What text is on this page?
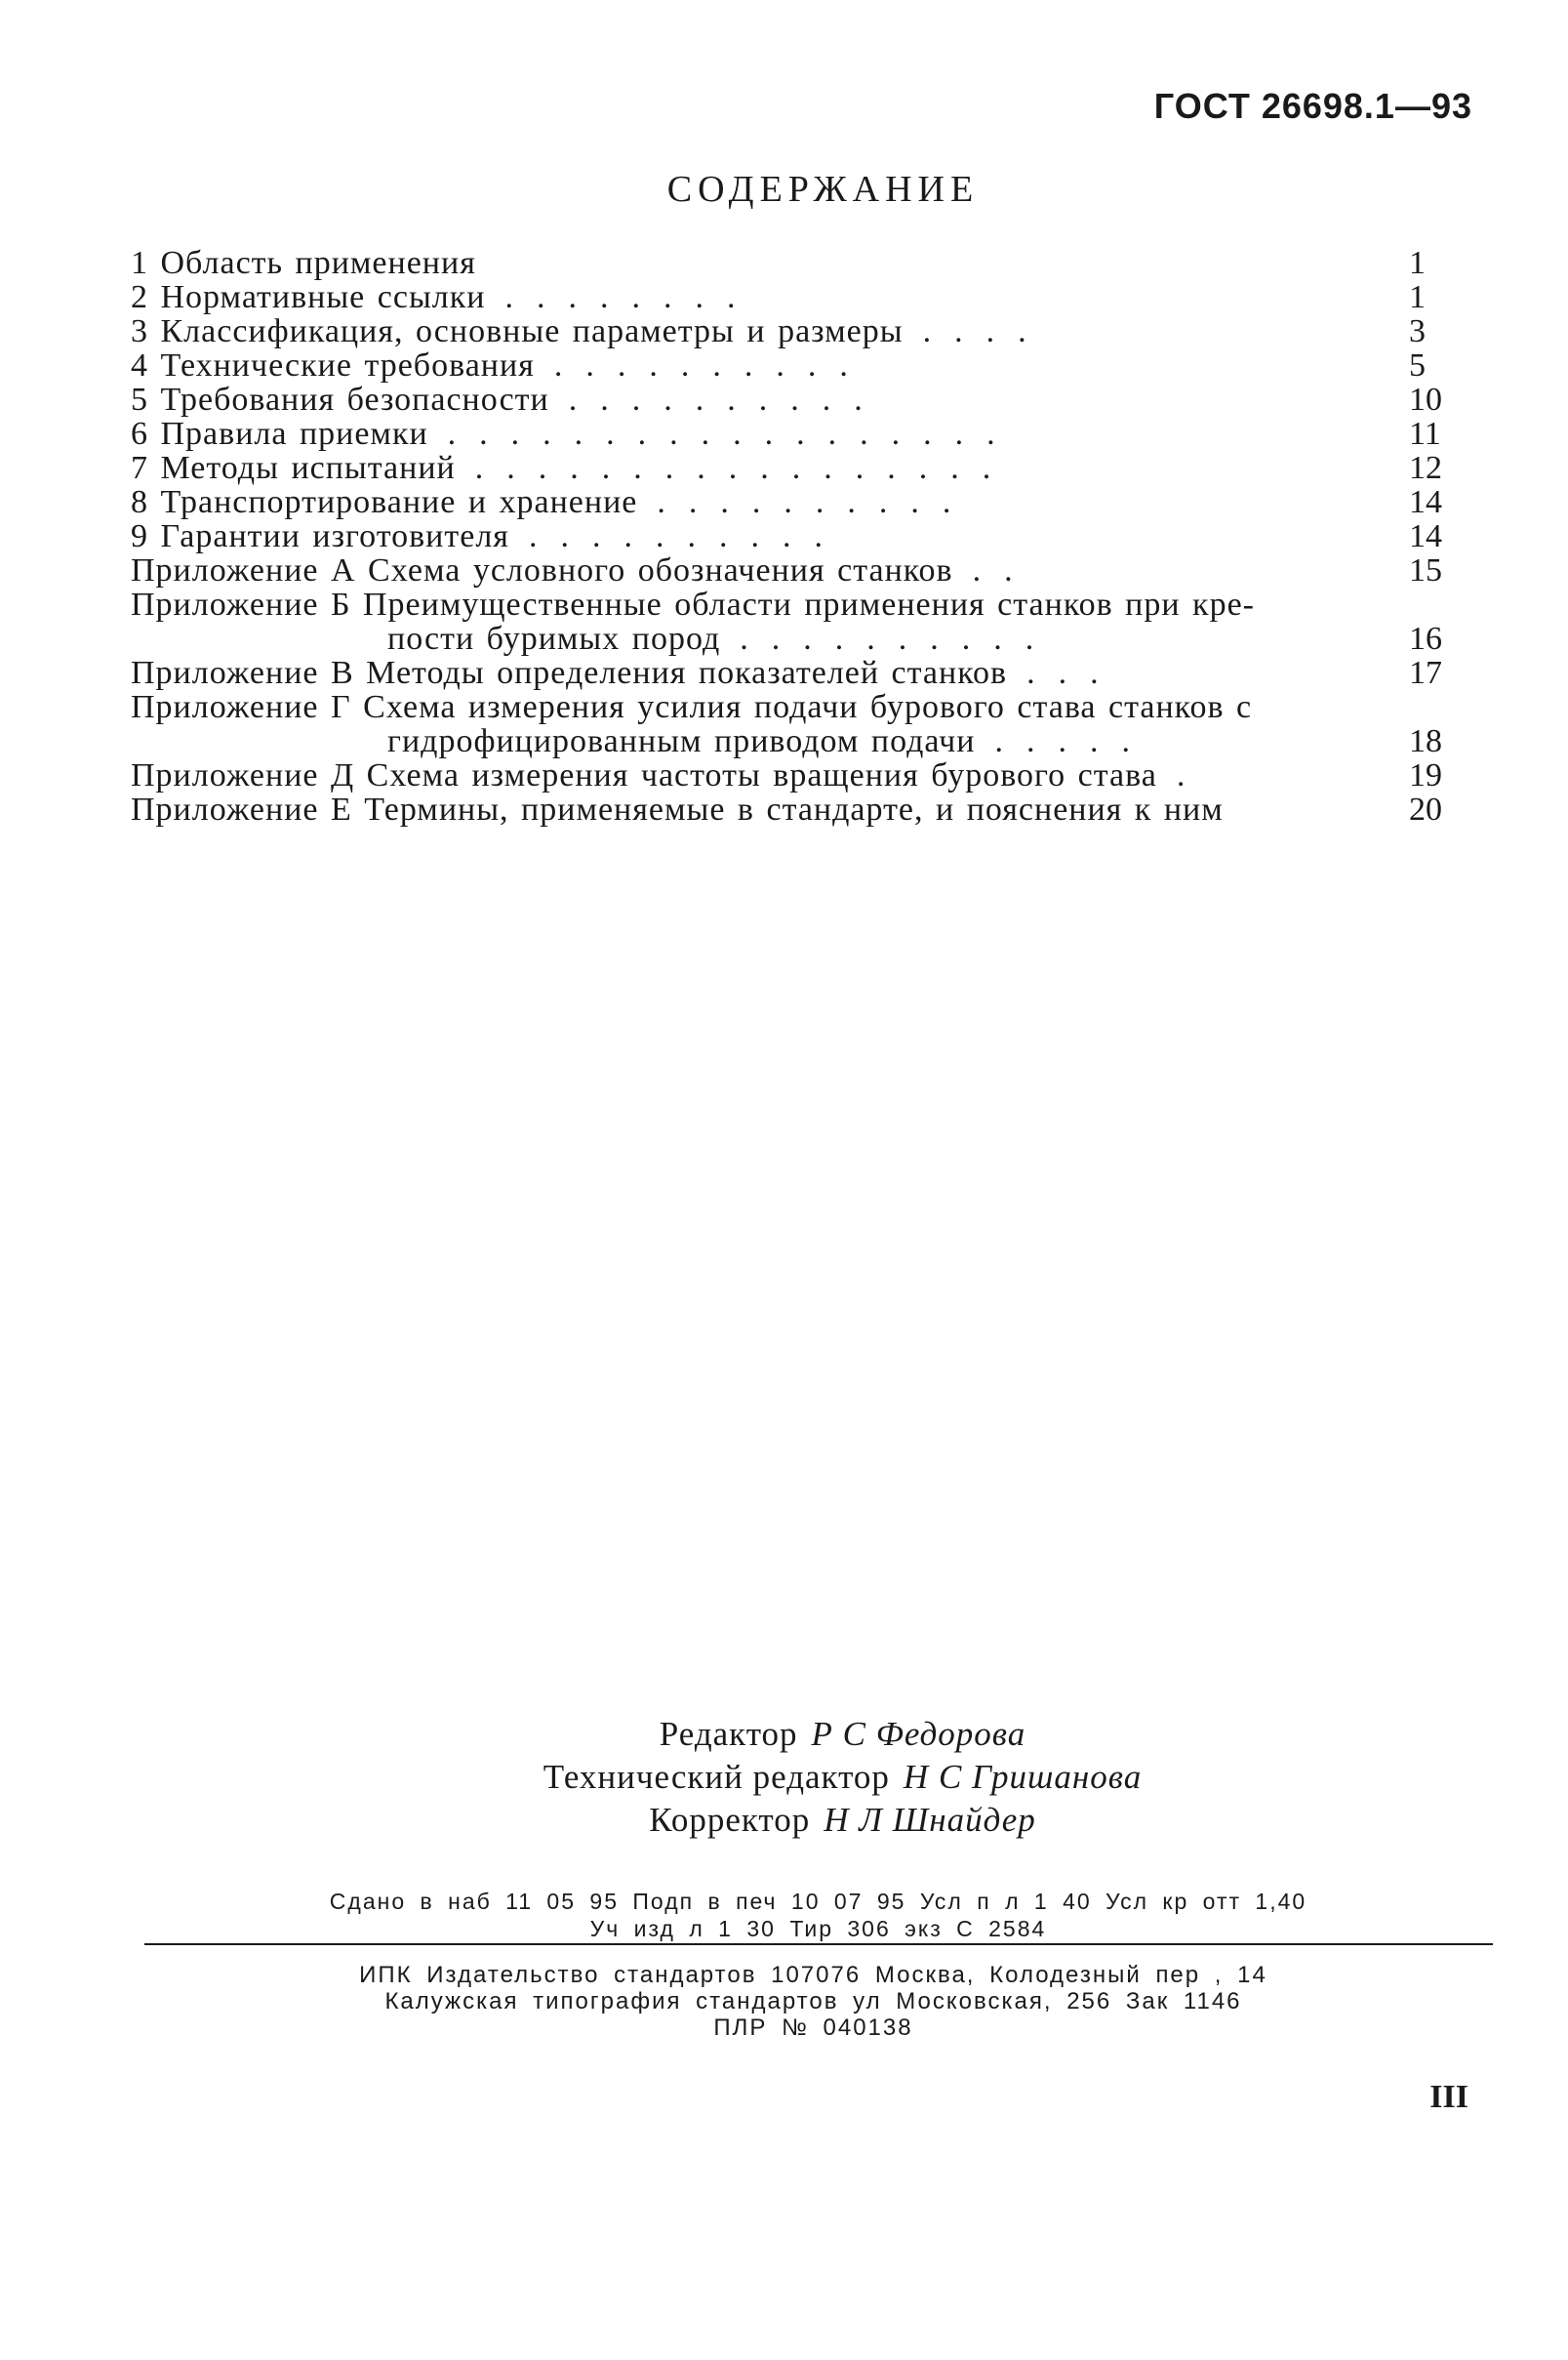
ГОСТ 26698.1—93
СОДЕРЖАНИЕ
1 Область применения	1
2 Нормативные ссылки ........	1
3 Классификация, основные параметры и размеры ....	3
4 Технические требования ..........	5
5 Требования безопасности ..........	10
6 Правила приемки ..................	11
7 Методы испытаний .................	12
8 Транспортирование и хранение ..........	14
9 Гарантии изготовителя ..........	14
Приложение А Схема условного обозначения станков ..	15
Приложение Б Преимущественные области применения станков при кре-
пости буримых пород ..........	16
Приложение В Методы определения показателей станков ...	17
Приложение Г Схема измерения усилия подачи бурового става станков с
гидрофицированным приводом подачи .....	18
Приложение Д Схема измерения частоты вращения бурового става .	19
Приложение Е Термины, применяемые в стандарте, и пояснения к ним	20
Редактор Р С Федорова
Технический редактор Н С Гришанова
Корректор Н Л Шнайдер
Сдано в наб 11 05 95 Подп в печ 10 07 95 Усл п л 1 40 Усл кр отт 1,40
Уч изд л 1 30 Тир 306 экз С 2584
ИПК Издательство стандартов 107076 Москва, Колодезный пер , 14
Калужская типография стандартов ул Московская, 256 Зак 1146
ПЛР № 040138
III
